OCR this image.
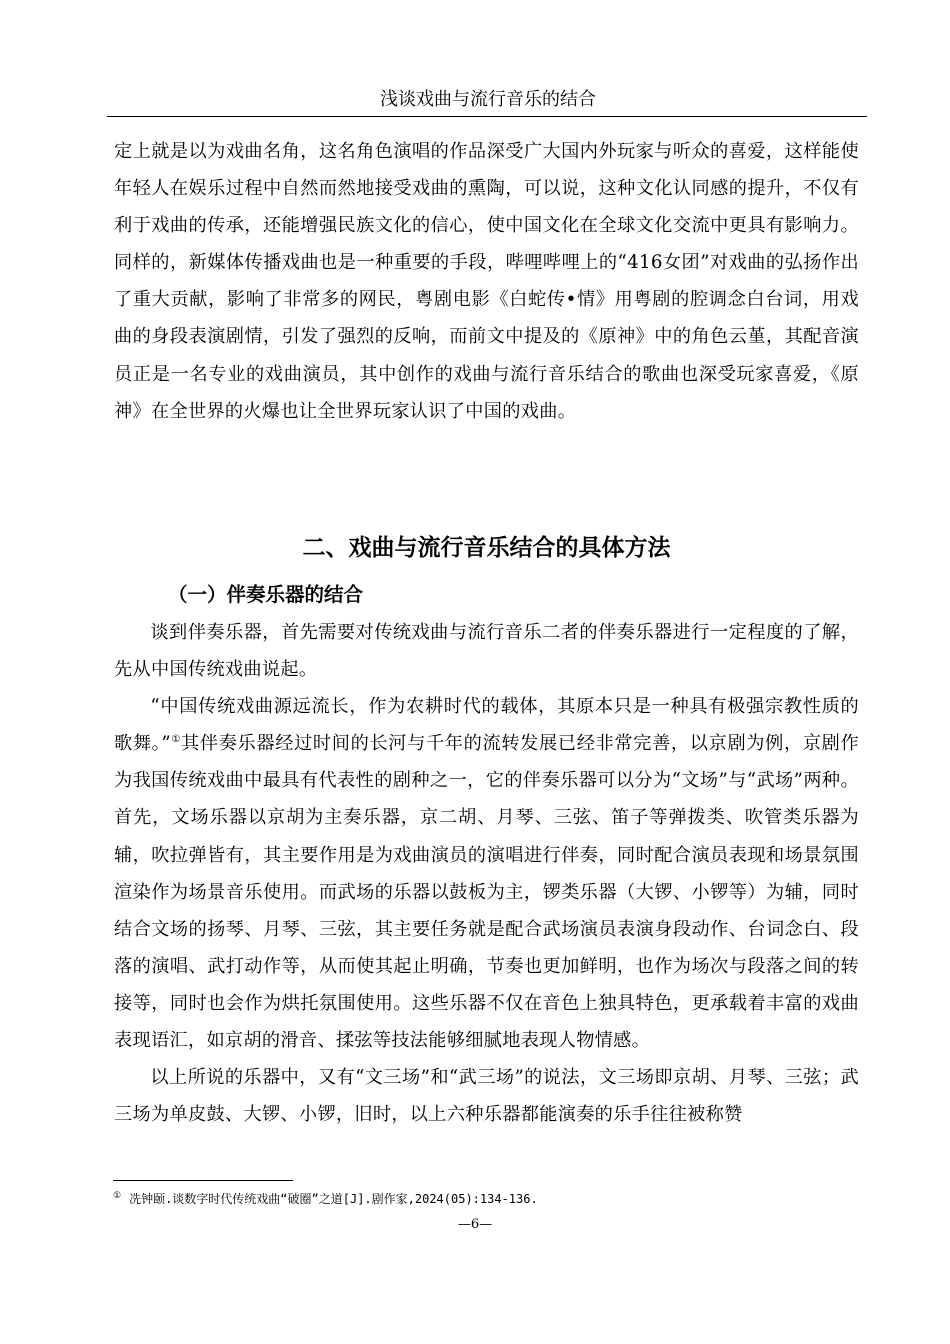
浅谈戏曲与流行音乐的结合

定上就是以为戏曲名角，这名角色演唱的作品深受广大国内外玩家与听众的喜爱，这样能使年轻人在娱乐过程中自然而然地接受戏曲的熏陶，可以说，这种文化认同感的提升，不仅有利于戏曲的传承，还能增强民族文化的信心，使中国文化在全球文化交流中更具有影响力。同样的，新媒体传播戏曲也是一种重要的手段，哔哩哔哩上的“416女团”对戏曲的弘扬作出了重大贡献，影响了非常多的网民，粤剧电影《白蛇传•情》用粤剧的腔调念白台词，用戏曲的身段表演剧情，引发了强烈的反响，而前文中提及的《原神》中的角色云堇，其配音演员正是一名专业的戏曲演员，其中创作的戏曲与流行音乐结合的歌曲也深受玩家喜爱，《原神》在全世界的火爆也让全世界玩家认识了中国的戏曲。

二、戏曲与流行音乐结合的具体方法
（一）伴奏乐器的结合

谈到伴奏乐器，首先需要对传统戏曲与流行音乐二者的伴奏乐器进行一定程度的了解，先从中国传统戏曲说起。

“中国传统戏曲源远流长，作为农耕时代的载体，其原本只是一种具有极强宗教性质的歌舞。”①其伴奏乐器经过时间的长河与千年的流转发展已经非常完善，以京剧为例，京剧作为我国传统戏曲中最具有代表性的剧种之一，它的伴奏乐器可以分为“文场”与“武场”两种。首先，文场乐器以京胡为主奏乐器，京二胡、月琴、三弦、笛子等弹拨类、吹管类乐器为辅，吹拉弹皆有，其主要作用是为戏曲演员的演唱进行伴奏，同时配合演员表现和场景氛围渲染作为场景音乐使用。而武场的乐器以鼓板为主，锣类乐器（大锣、小锣等）为辅，同时结合文场的扬琴、月琴、三弦，其主要任务就是配合武场演员表演身段动作、台词念白、段落的演唱、武打动作等，从而使其起止明确，节奏也更加鲜明，也作为场次与段落之间的转接等，同时也会作为烘托氛围使用。这些乐器不仅在音色上独具特色，更承载着丰富的戏曲表现语汇，如京胡的滑音、揉弦等技法能够细腻地表现人物情感。

以上所说的乐器中，又有“文三场”和“武三场”的说法，文三场即京胡、月琴、三弦；武三场为单皮鼓、大锣、小锣，旧时，以上六种乐器都能演奏的乐手往往被称赞

① 冼钟颐.谈数字时代传统戏曲“破圈”之道[J].剧作家,2024(05):134-136.
—6—
